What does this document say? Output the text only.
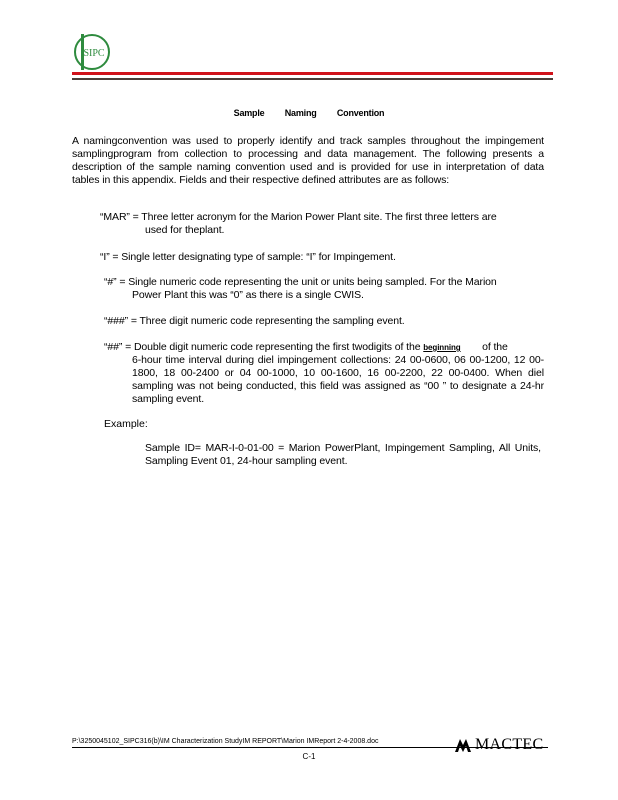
SIPC
Sample Naming Convention
A namingconvention was used to properly identify and track samples throughout the impingement samplingprogram from collection to processing and data management. The following presents a description of the sample naming convention used and is provided for use in interpretation of data tables in this appendix. Fields and their respective defined attributes are as follows:
“MAR” = Three letter acronym for the Marion Power Plant site. The first three letters are
used for theplant.
“I” = Single letter designating type of sample: “I” for Impingement.
“#” = Single numeric code representing the unit or units being sampled. For the Marion
Power Plant this was “0” as there is a single CWIS.
“###” = Three digit numeric code representing the sampling event.
“##” = Double digit numeric code representing the first twodigits of the beginning of the
6-hour time interval during diel impingement collections: 24 00-0600, 06 00-1200, 12 00-1800, 18 00-2400 or 04 00-1000, 10 00-1600, 16 00-2200, 22 00-0400. When diel sampling was not being conducted, this field was assigned as “00 ” to designate a 24-hr sampling event.
Example:
Sample ID= MAR-I-0-01-00 = Marion PowerPlant, Impingement Sampling, All Units, Sampling Event 01, 24-hour sampling event.
P:\3250045102_SIPC316(b)\IM Characterization StudyIM REPORT\Marion IMReport 2-4-2008.doc
C-1
MACTEC
